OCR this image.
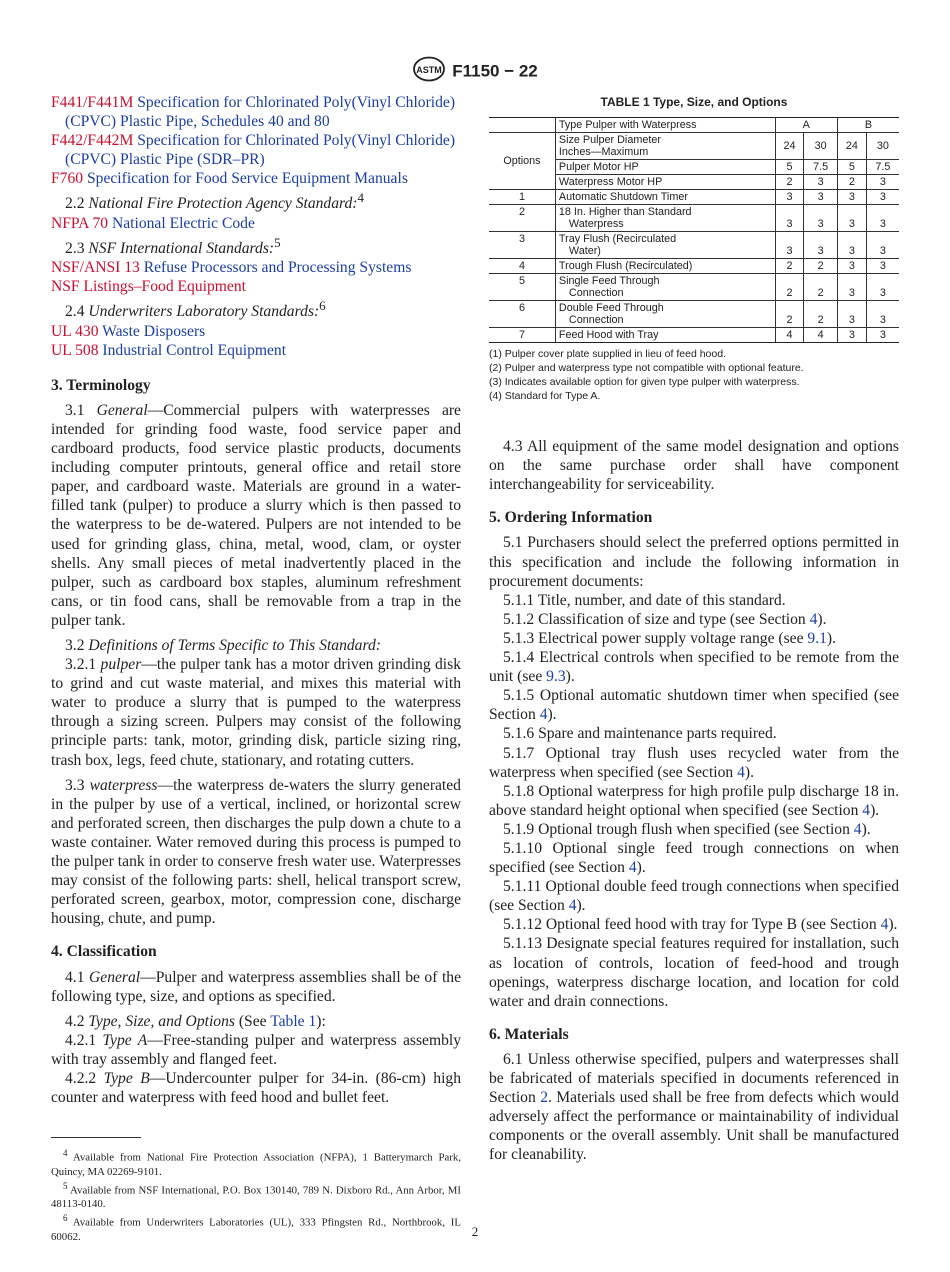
ASTM F1150 − 22
F441/F441M Specification for Chlorinated Poly(Vinyl Chloride) (CPVC) Plastic Pipe, Schedules 40 and 80
F442/F442M Specification for Chlorinated Poly(Vinyl Chloride) (CPVC) Plastic Pipe (SDR–PR)
F760 Specification for Food Service Equipment Manuals
2.2 National Fire Protection Agency Standard:$^4$
NFPA 70 National Electric Code
2.3 NSF International Standards:$^5$
NSF/ANSI 13 Refuse Processors and Processing Systems
NSF Listings–Food Equipment
2.4 Underwriters Laboratory Standards:$^6$
UL 430 Waste Disposers
UL 508 Industrial Control Equipment
3. Terminology
3.1 General—Commercial pulpers with waterpresses are intended for grinding food waste, food service paper and cardboard products, food service plastic products, documents including computer printouts, general office and retail store paper, and cardboard waste. Materials are ground in a water-filled tank (pulper) to produce a slurry which is then passed to the waterpress to be de-watered. Pulpers are not intended to be used for grinding glass, china, metal, wood, clam, or oyster shells. Any small pieces of metal inadvertently placed in the pulper, such as cardboard box staples, aluminum refreshment cans, or tin food cans, shall be removable from a trap in the pulper tank.
3.2 Definitions of Terms Specific to This Standard:
3.2.1 pulper—the pulper tank has a motor driven grinding disk to grind and cut waste material, and mixes this material with water to produce a slurry that is pumped to the waterpress through a sizing screen. Pulpers may consist of the following principle parts: tank, motor, grinding disk, particle sizing ring, trash box, legs, feed chute, stationary, and rotating cutters.
3.3 waterpress—the waterpress de-waters the slurry generated in the pulper by use of a vertical, inclined, or horizontal screw and perforated screen, then discharges the pulp down a chute to a waste container. Water removed during this process is pumped to the pulper tank in order to conserve fresh water use. Waterpresses may consist of the following parts: shell, helical transport screw, perforated screen, gearbox, motor, compression cone, discharge housing, chute, and pump.
4. Classification
4.1 General—Pulper and waterpress assemblies shall be of the following type, size, and options as specified.
4.2 Type, Size, and Options (See Table 1):
4.2.1 Type A—Free-standing pulper and waterpress assembly with tray assembly and flanged feet.
4.2.2 Type B—Undercounter pulper for 34-in. (86-cm) high counter and waterpress with feed hood and bullet feet.
$^4$ Available from National Fire Protection Association (NFPA), 1 Batterymarch Park, Quincy, MA 02269-9101.
$^5$ Available from NSF International, P.O. Box 130140, 789 N. Dixboro Rd., Ann Arbor, MI 48113-0140.
$^6$ Available from Underwriters Laboratories (UL), 333 Pfingsten Rd., Northbrook, IL 60062.
TABLE 1 Type, Size, and Options
	Type Pulper with Waterpress	A		B	
Options	Size Pulper Diameter
Inches—Maximum	24	30	24	30
	Pulper Motor HP	5	7.5	5	7.5
	Waterpress Motor HP	2	3	2	3
1	Automatic Shutdown Timer	3	3	3	3
2	18 In. Higher than Standard
Waterpress	3	3	3	3
3	Tray Flush (Recirculated
Water)	3	3	3	3
4	Trough Flush (Recirculated)	2	2	3	3
5	Single Feed Through
Connection	2	2	3	3
6	Double Feed Through
Connection	2	2	3	3
7	Feed Hood with Tray	4	4	3	3
(1) Pulper cover plate supplied in lieu of feed hood.
(2) Pulper and waterpress type not compatible with optional feature.
(3) Indicates available option for given type pulper with waterpress.
(4) Standard for Type A.
4.3 All equipment of the same model designation and options on the same purchase order shall have component interchangeability for serviceability.
5. Ordering Information
5.1 Purchasers should select the preferred options permitted in this specification and include the following information in procurement documents:
5.1.1 Title, number, and date of this standard.
5.1.2 Classification of size and type (see Section 4).
5.1.3 Electrical power supply voltage range (see 9.1).
5.1.4 Electrical controls when specified to be remote from the unit (see 9.3).
5.1.5 Optional automatic shutdown timer when specified (see Section 4).
5.1.6 Spare and maintenance parts required.
5.1.7 Optional tray flush uses recycled water from the waterpress when specified (see Section 4).
5.1.8 Optional waterpress for high profile pulp discharge 18 in. above standard height optional when specified (see Section 4).
5.1.9 Optional trough flush when specified (see Section 4).
5.1.10 Optional single feed trough connections on when specified (see Section 4).
5.1.11 Optional double feed trough connections when specified (see Section 4).
5.1.12 Optional feed hood with tray for Type B (see Section 4).
5.1.13 Designate special features required for installation, such as location of controls, location of feed-hood and trough openings, waterpress discharge location, and location for cold water and drain connections.
6. Materials
6.1 Unless otherwise specified, pulpers and waterpresses shall be fabricated of materials specified in documents referenced in Section 2. Materials used shall be free from defects which would adversely affect the performance or maintainability of individual components or the overall assembly. Unit shall be manufactured for cleanability.
2
